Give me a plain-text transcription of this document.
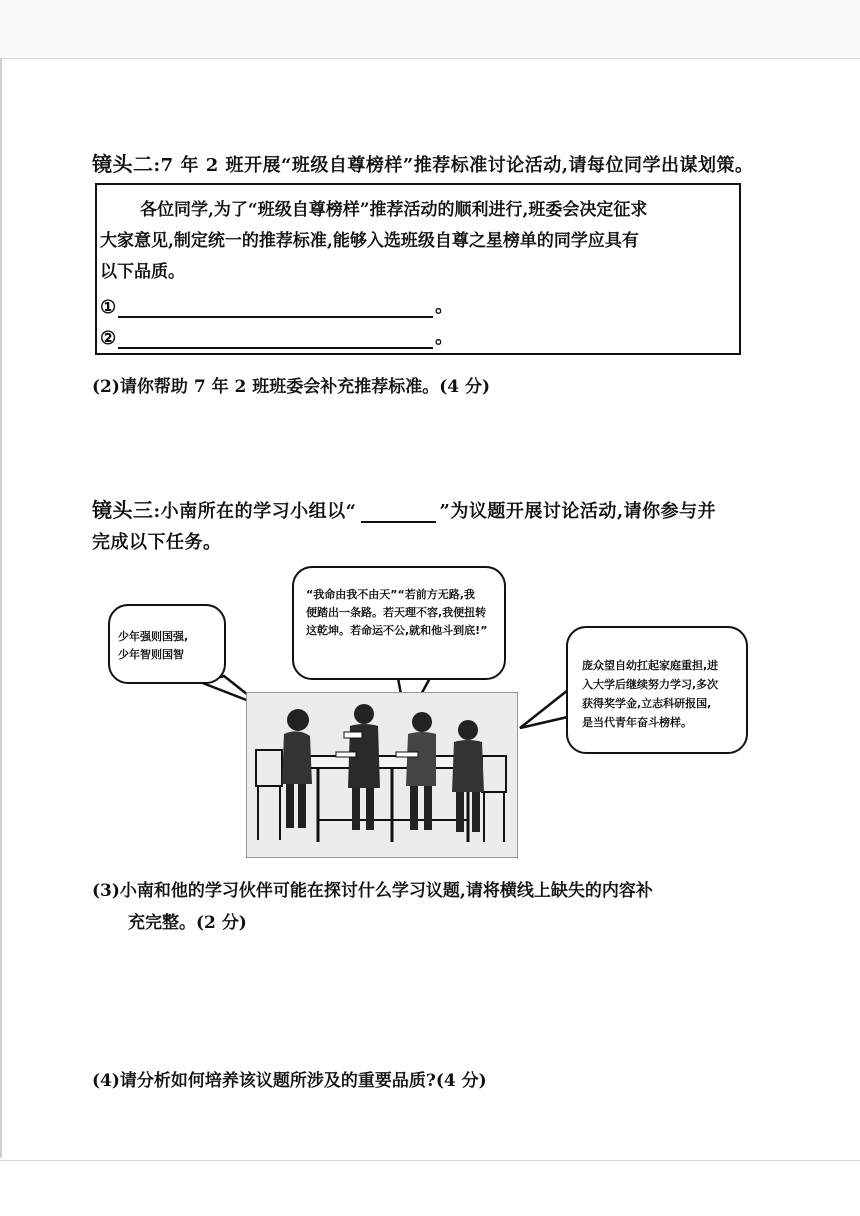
镜头二:7 年 2 班开展“班级自尊榜样”推荐标准讨论活动,请每位同学出谋划策。
各位同学,为了“班级自尊榜样”推荐活动的顺利进行,班委会决定征求
大家意见,制定统一的推荐标准,能够入选班级自尊之星榜单的同学应具有
以下品质。
①	。
②	。
(2)请你帮助 7 年 2 班班委会补充推荐标准。(4 分)
镜头三:小南所在的学习小组以“	”为议题开展讨论活动,请你参与并
完成以下任务。
少年强则国强,
少年智则国智
“我命由我不由天”“若前方无路,我
便踏出一条路。若天理不容,我便扭转
这乾坤。若命运不公,就和他斗到底!”
庞众望自幼扛起家庭重担,进
入大学后继续努力学习,多次
获得奖学金,立志科研报国,
是当代青年奋斗榜样。
(3)小南和他的学习伙伴可能在探讨什么学习议题,请将横线上缺失的内容补
充完整。(2 分)
(4)请分析如何培养该议题所涉及的重要品质?(4 分)
